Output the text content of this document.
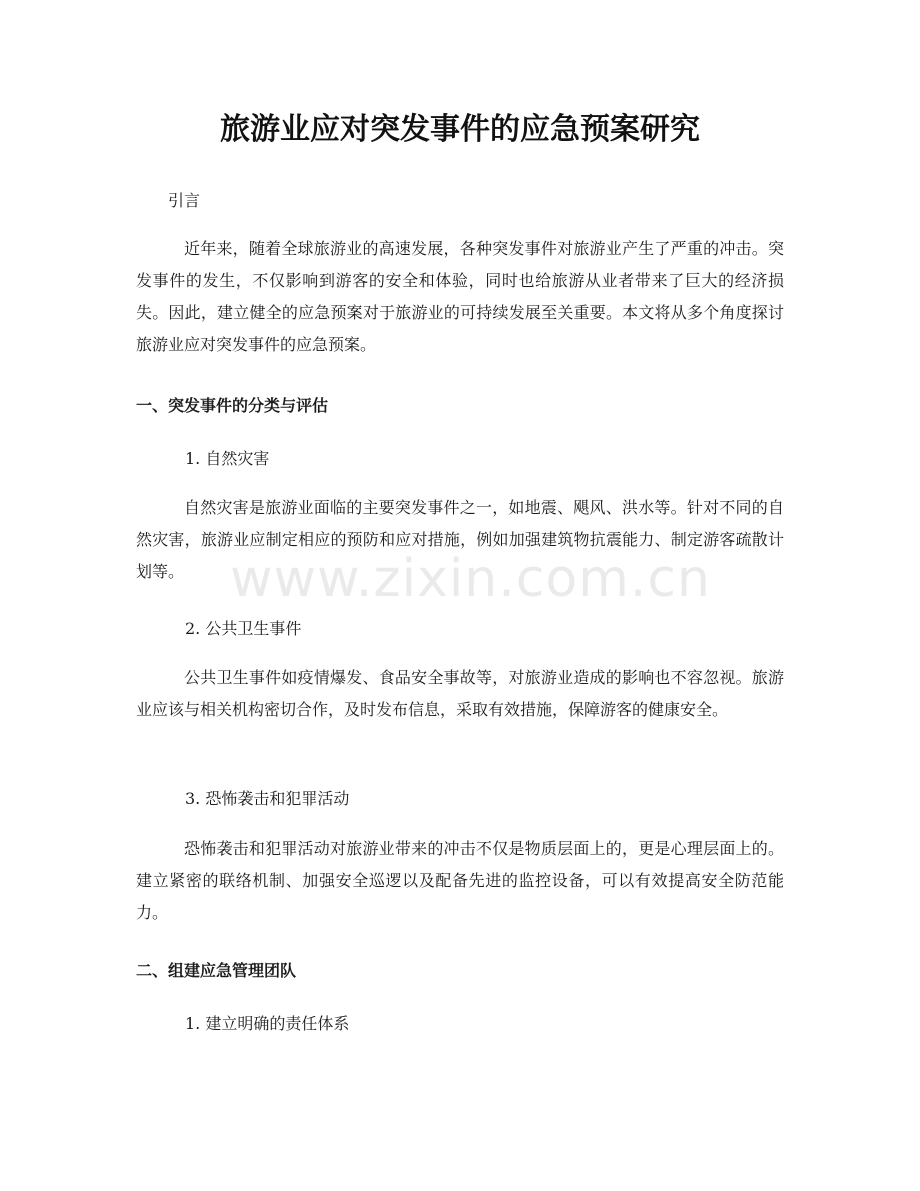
旅游业应对突发事件的应急预案研究

引言

近年来，随着全球旅游业的高速发展，各种突发事件对旅游业产生了严重的冲击。突发事件的发生，不仅影响到游客的安全和体验，同时也给旅游从业者带来了巨大的经济损失。因此，建立健全的应急预案对于旅游业的可持续发展至关重要。本文将从多个角度探讨旅游业应对突发事件的应急预案。

一、突发事件的分类与评估

1. 自然灾害

自然灾害是旅游业面临的主要突发事件之一，如地震、飓风、洪水等。针对不同的自然灾害，旅游业应制定相应的预防和应对措施，例如加强建筑物抗震能力、制定游客疏散计划等。

2. 公共卫生事件

公共卫生事件如疫情爆发、食品安全事故等，对旅游业造成的影响也不容忽视。旅游业应该与相关机构密切合作，及时发布信息，采取有效措施，保障游客的健康安全。

3. 恐怖袭击和犯罪活动

恐怖袭击和犯罪活动对旅游业带来的冲击不仅是物质层面上的，更是心理层面上的。建立紧密的联络机制、加强安全巡逻以及配备先进的监控设备，可以有效提高安全防范能力。

二、组建应急管理团队

1. 建立明确的责任体系

www.zixin.com.cn
